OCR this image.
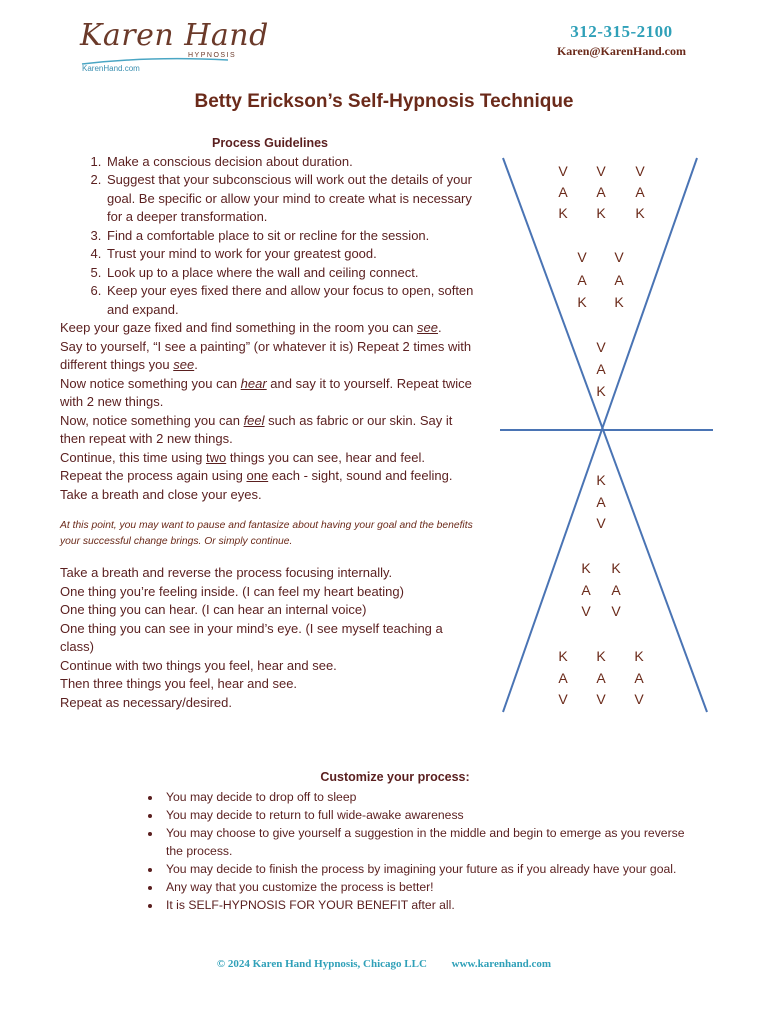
Karen Hand
HYPNOSIS
KarenHand.com
312-315-2100
Karen@KarenHand.com
Betty Erickson’s Self-Hypnosis Technique
Process Guidelines
1. Make a conscious decision about duration.
2. Suggest that your subconscious will work out the details of your goal. Be specific or allow your mind to create what is necessary for a deeper transformation.
3. Find a comfortable place to sit or recline for the session.
4. Trust your mind to work for your greatest good.
5. Look up to a place where the wall and ceiling connect.
6. Keep your eyes fixed there and allow your focus to open, soften and expand.

Keep your gaze fixed and find something in the room you can see.

Say to yourself, “I see a painting” (or whatever it is) Repeat 2 times with different things you see.

Now notice something you can hear and say it to yourself. Repeat twice with 2 new things.

Now, notice something you can feel such as fabric or our skin. Say it then repeat with 2 new things.

Continue, this time using two things you can see, hear and feel.

Repeat the process again using one each - sight, sound and feeling.

Take a breath and close your eyes.

At this point, you may want to pause and fantasize about having your goal and the benefits your successful change brings. Or simply continue.

Take a breath and reverse the process focusing internally.

One thing you’re feeling inside. (I can feel my heart beating)

One thing you can hear. (I can hear an internal voice)

One thing you can see in your mind’s eye. (I see myself teaching a class)

Continue with two things you feel, hear and see.

Then three things you feel, hear and see.

Repeat as necessary/desired.

V V V
A A A
K K K
V V
A A
K K
V
A
K
K
A
V
K K
A A
V V
K K K
A A A
V V V
Customize your process:
• You may decide to drop off to sleep
• You may decide to return to full wide-awake awareness
• You may choose to give yourself a suggestion in the middle and begin to emerge as you reverse the process.
• You may decide to finish the process by imagining your future as if you already have your goal.
• Any way that you customize the process is better!
• It is SELF-HYPNOSIS FOR YOUR BENEFIT after all.
© 2024 Karen Hand Hypnosis, Chicago LLC www.karenhand.com
